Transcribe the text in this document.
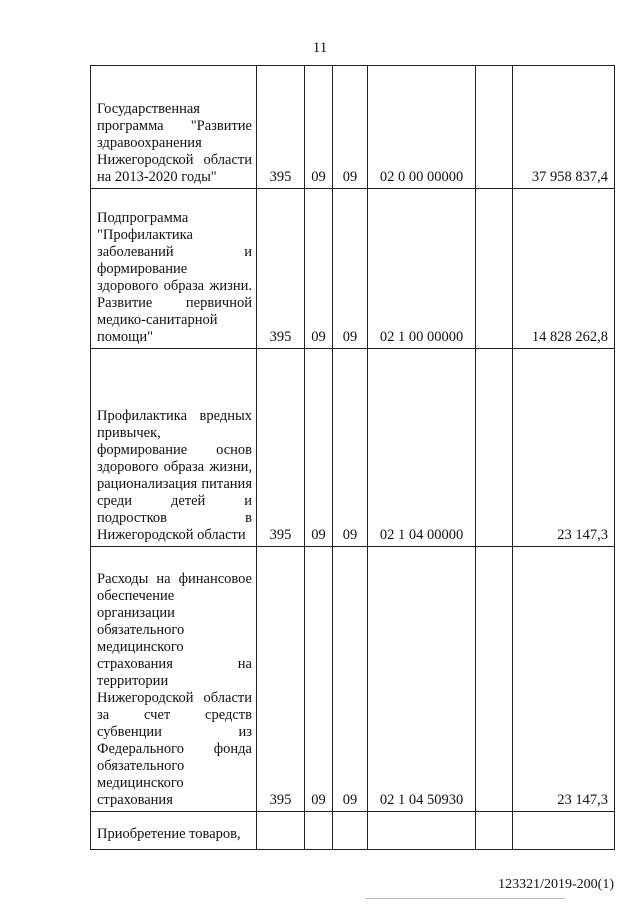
11
Государственная программа "Развитие здравоохранения Нижегородской области на 2013-2020 годы"	395	09	09	02 0 00 00000		37 958 837,4
Подпрограмма "Профилактика заболеваний и формирование здорового образа жизни. Развитие первичной медико-санитарной помощи"	395	09	09	02 1 00 00000		14 828 262,8
Профилактика вредных привычек, формирование основ здорового образа жизни, рационализация питания среди детей и подростков в Нижегородской области	395	09	09	02 1 04 00000		23 147,3
Расходы на финансовое обеспечение организации обязательного медицинского страхования на территории Нижегородской области за счет средств субвенции из Федерального фонда обязательного медицинского страхования	395	09	09	02 1 04 50930		23 147,3
Приобретение товаров,						
123321/2019-200(1)
